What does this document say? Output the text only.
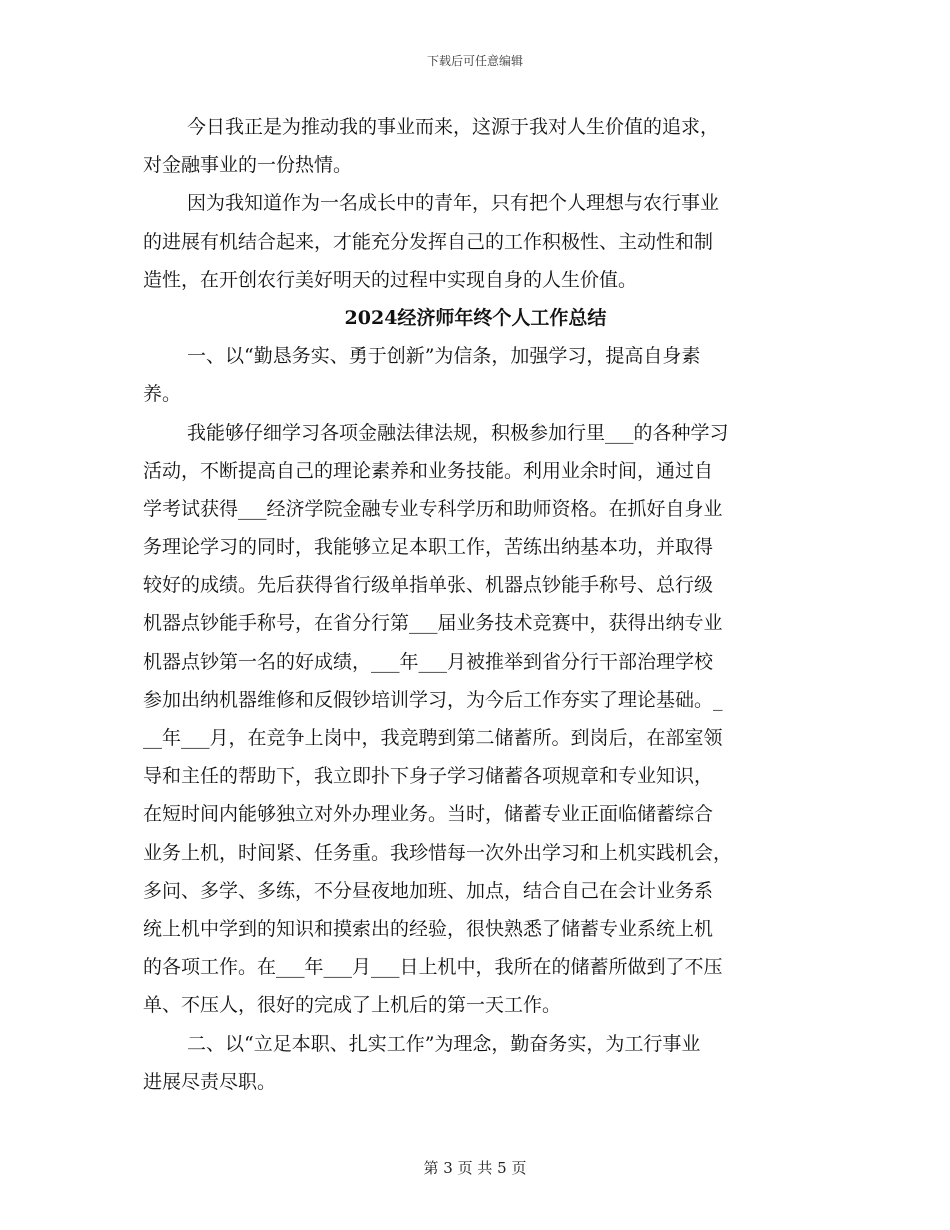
下载后可任意编辑
今日我正是为推动我的事业而来，这源于我对人生价值的追求，
对金融事业的一份热情。
因为我知道作为一名成长中的青年，只有把个人理想与农行事业
的进展有机结合起来，才能充分发挥自己的工作积极性、主动性和制
造性，在开创农行美好明天的过程中实现自身的人生价值。
2024经济师年终个人工作总结
一、以“勤恳务实、勇于创新”为信条，加强学习，提高自身素
养。
我能够仔细学习各项金融法律法规，积极参加行里___的各种学习
活动，不断提高自己的理论素养和业务技能。利用业余时间，通过自
学考试获得___经济学院金融专业专科学历和助师资格。在抓好自身业
务理论学习的同时，我能够立足本职工作，苦练出纳基本功，并取得
较好的成绩。先后获得省行级单指单张、机器点钞能手称号、总行级
机器点钞能手称号，在省分行第___届业务技术竞赛中，获得出纳专业
机器点钞第一名的好成绩，___年___月被推举到省分行干部治理学校
参加出纳机器维修和反假钞培训学习，为今后工作夯实了理论基础。_
__年___月，在竞争上岗中，我竞聘到第二储蓄所。到岗后，在部室领
导和主任的帮助下，我立即扑下身子学习储蓄各项规章和专业知识，
在短时间内能够独立对外办理业务。当时，储蓄专业正面临储蓄综合
业务上机，时间紧、任务重。我珍惜每一次外出学习和上机实践机会，
多问、多学、多练，不分昼夜地加班、加点，结合自己在会计业务系
统上机中学到的知识和摸索出的经验，很快熟悉了储蓄专业系统上机
的各项工作。在___年___月___日上机中，我所在的储蓄所做到了不压
单、不压人，很好的完成了上机后的第一天工作。
二、以“立足本职、扎实工作”为理念，勤奋务实，为工行事业
进展尽责尽职。
第 3 页 共 5 页
